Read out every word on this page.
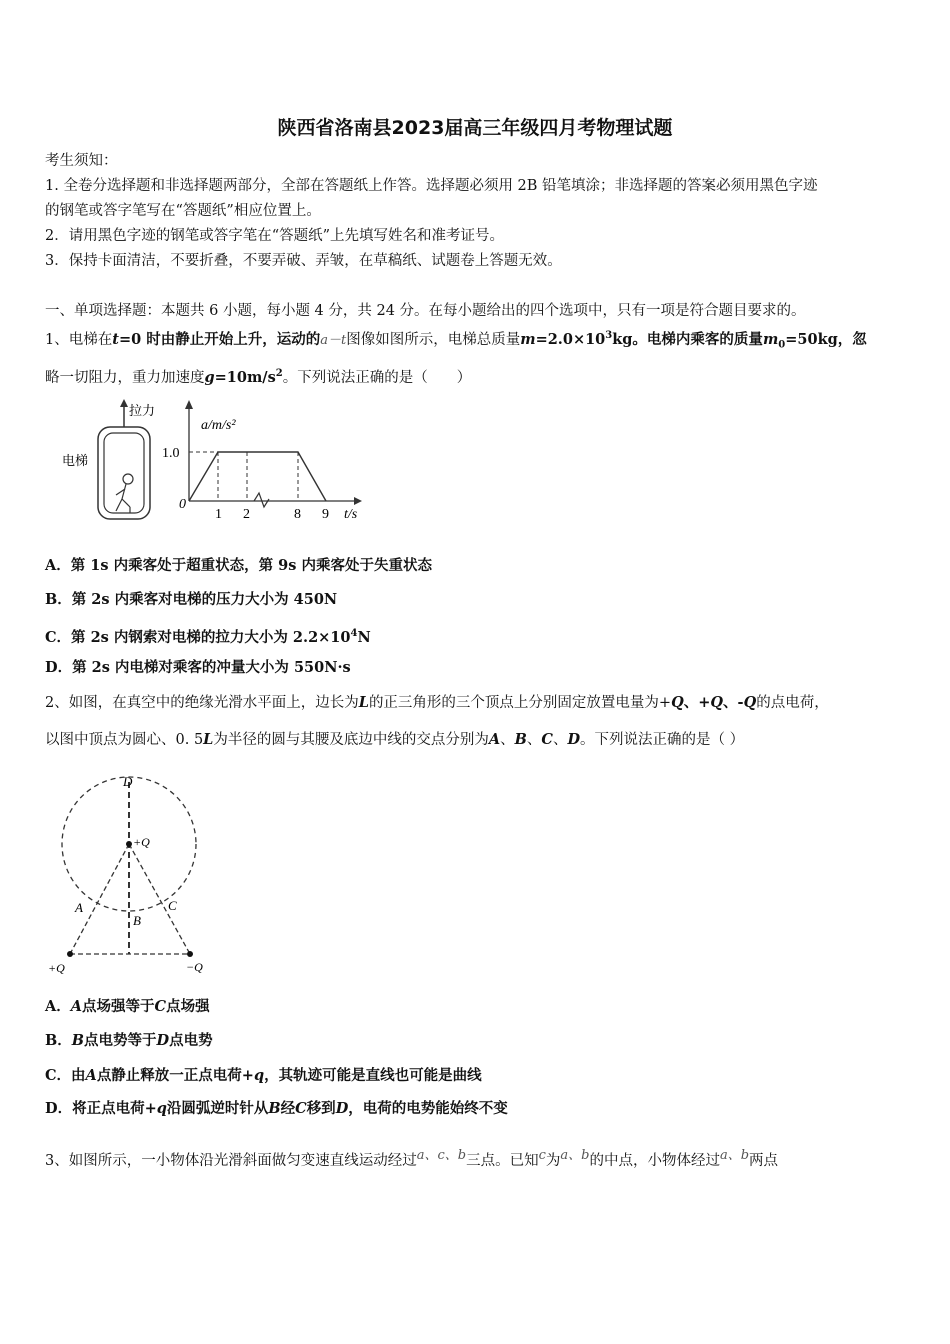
陕西省洛南县2023届高三年级四月考物理试题
考生须知：
1. 全卷分选择题和非选择题两部分，全部在答题纸上作答。选择题必须用 2B 铅笔填涂；非选择题的答案必须用黑色字迹
的钢笔或答字笔写在“答题纸”相应位置上。
2．请用黑色字迹的钢笔或答字笔在“答题纸”上先填写姓名和准考证号。
3．保持卡面清洁，不要折叠，不要弄破、弄皱，在草稿纸、试题卷上答题无效。
一、单项选择题：本题共 6 小题，每小题 4 分，共 24 分。在每小题给出的四个选项中，只有一项是符合题目要求的。
1、电梯在t=0 时由静止开始上升，运动的a－t图像如图所示，电梯总质量$m=2.0\times 10^3kg$。电梯内乘客的质量$m_0=50kg$，忽
略一切阻力，重力加速度$g=10m/s^2$。下列说法正确的是（　　）
拉力
电梯
a/m/s²
1.0
0
1 2	8 9 t/s
A．第 1s 内乘客处于超重状态，第 9s 内乘客处于失重状态
B．第 2s 内乘客对电梯的压力大小为 450N
C．第 2s 内钢索对电梯的拉力大小为 $2.2\times 10^4N$
D．第 2s 内电梯对乘客的冲量大小为 550N·s
2、如图，在真空中的绝缘光滑水平面上，边长为L的正三角形的三个顶点上分别固定放置电量为+Q、+Q、-Q的点电荷，
以图中顶点为圆心、0. 5L为半径的圆与其腰及底边中线的交点分别为A、B、C、D。下列说法正确的是（ ）
D
+Q
A
B
C
+Q	−Q
A．A点场强等于C点场强
B．B点电势等于D点电势
C．由A点静止释放一正点电荷+q，其轨迹可能是直线也可能是曲线
D．将正点电荷+q沿圆弧逆时针从B经C移到D，电荷的电势能始终不变
3、如图所示，一小物体沿光滑斜面做匀变速直线运动经过a、c、b三点。已知c为a、b的中点，小物体经过a、b两点
